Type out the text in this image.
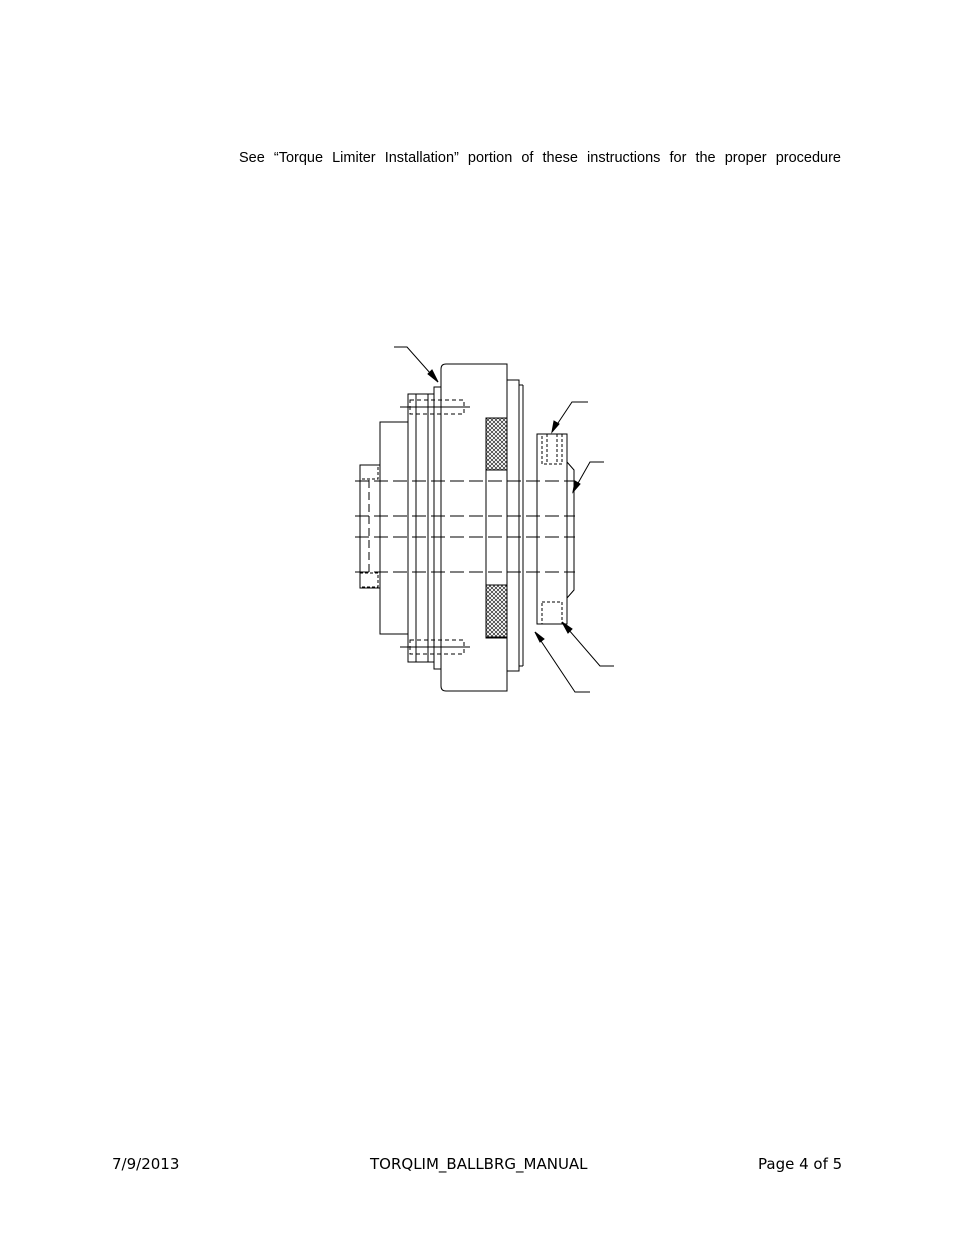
See “Torque Limiter Installation” portion of these instructions for the proper procedure
7/9/2013	TORQLIM_BALLBRG_MANUAL	Page 4 of 5
